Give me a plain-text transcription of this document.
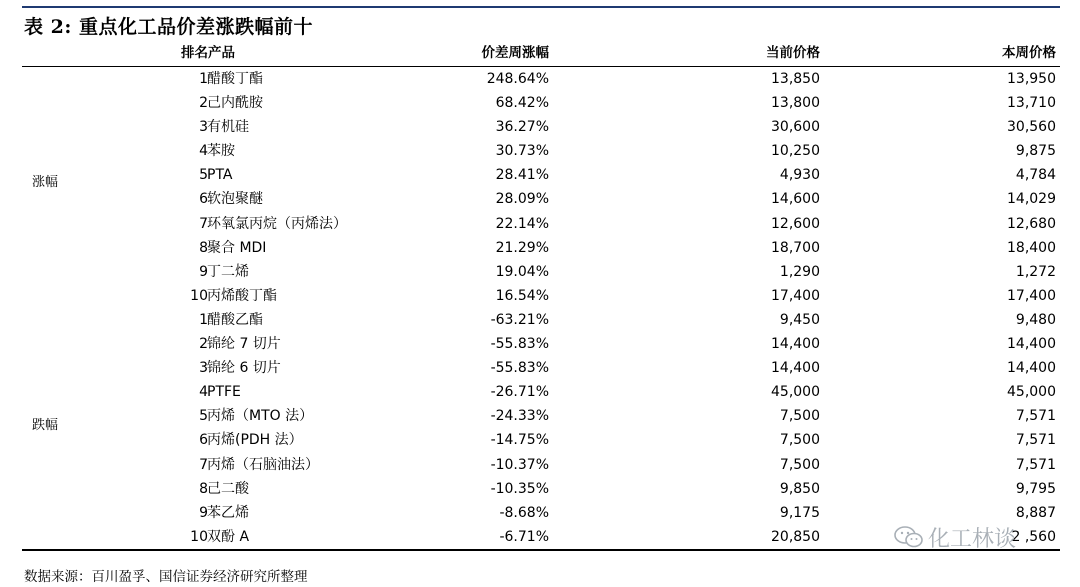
表 2: 重点化工品价差涨跌幅前十
排名 产品	价差周涨幅	当前价格	本周价格
1 醋酸丁酯	248.64%	13,850	13,950
2 己内酰胺	68.42%	13,800	13,710
3 有机硅	36.27%	30,600	30,560
4 苯胺	30.73%	10,250	9,875
5 PTA	28.41%	4,930	4,784
6 软泡聚醚	28.09%	14,600	14,029
7 环氧氯丙烷（丙烯法）	22.14%	12,600	12,680
8 聚合 MDI	21.29%	18,700	18,400
9 丁二烯	19.04%	1,290	1,272
10 丙烯酸丁酯	16.54%	17,400	17,400
涨幅
1 醋酸乙酯	-63.21%	9,450	9,480
2 锦纶 7 切片	-55.83%	14,400	14,400
3 锦纶 6 切片	-55.83%	14,400	14,400
4 PTFE	-26.71%	45,000	45,000
5 丙烯（MTO 法）	-24.33%	7,500	7,571
6 丙烯(PDH 法）	-14.75%	7,500	7,571
7 丙烯（石脑油法）	-10.37%	7,500	7,571
8 己二酸	-10.35%	9,850	9,795
9 苯乙烯	-8.68%	9,175	8,887
10 双酚 A	-6.71%	20,850	2 ,560
跌幅
数据来源：百川盈孚、国信证券经济研究所整理
化工林谈
